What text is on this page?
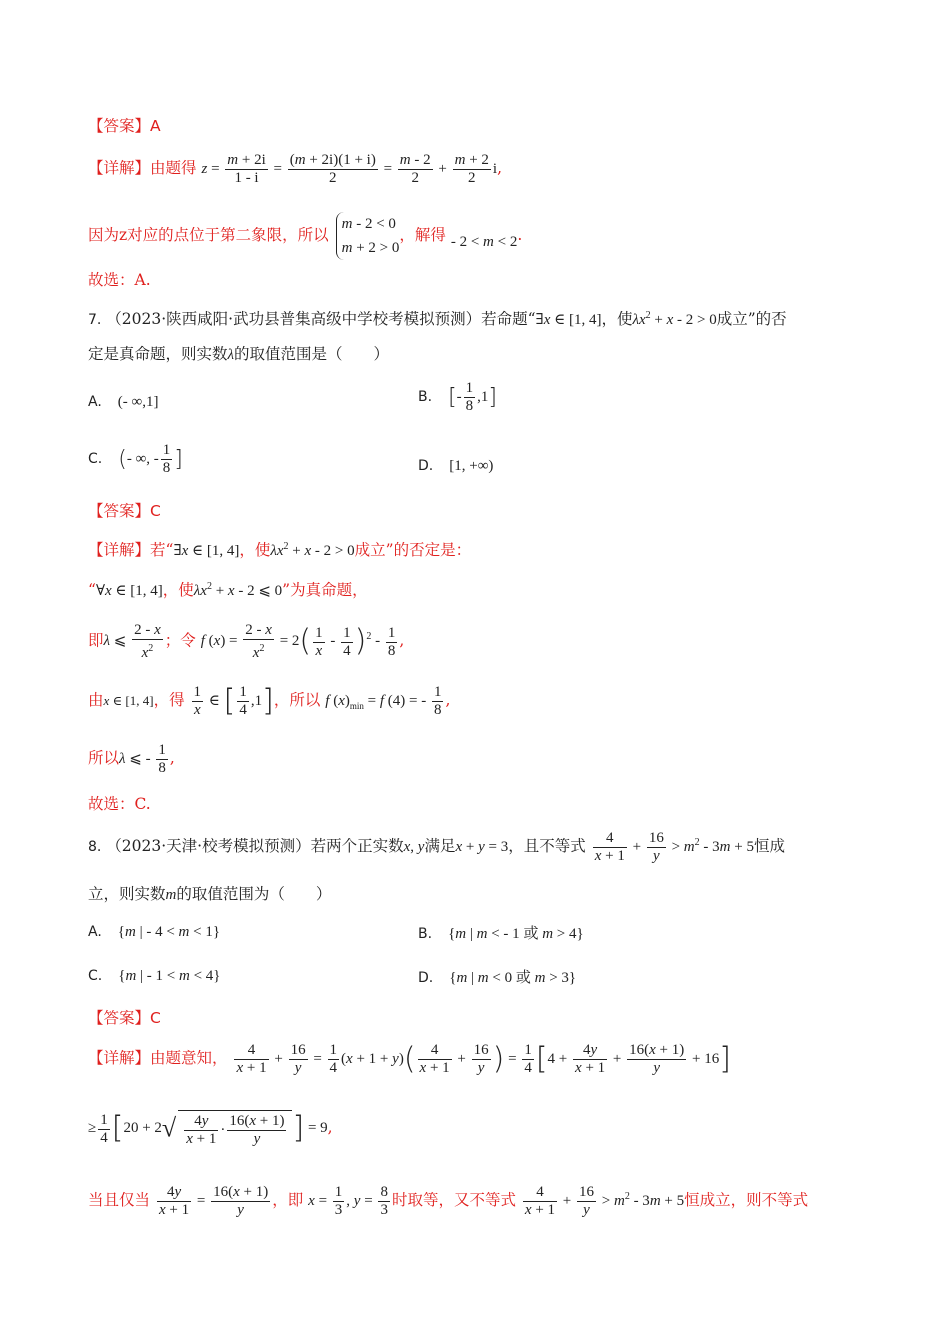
【答案】A
【详解】由题得 $z = \frac{m + 2i}{1 - i} = \frac{(m + 2i)(1 + i)}{2} = \frac{m - 2}{2} + \frac{m + 2}{2} i$,
因为z对应的点位于第二象限，所以
m - 2 < 0
m + 2 > 0
，解得 - 2 < m < 2.
故选：A.
7. （2023·陕西咸阳·武功县普集高级中学校考模拟预测）若命题“∃x ∈ [1, 4]，使$\lambda x^2 + x - 2 > 0$成立”的否
定是真命题，则实数λ的取值范围是（　　）
A. (- ∞,1]	B. [- $\frac{1}{8} ,1$]
C. (- ∞, - $\frac{1}{8}$ ]	D. [1, +∞)
【答案】C
【详解】若“∃x ∈ [1, 4]，使$\lambda x^2 + x - 2 > 0$成立”的否定是：
“∀x ∈ [1, 4]，使$\lambda x^2 + x - 2$ ⩽ 0”为真命题，
即λ ⩽ $\frac{2 - x}{x^2}$ ；令 f $(x) = \frac{2 - x}{x^2} = 2( \frac{1}{x} - \frac{1}{4} )^2 - \frac{1}{8}$ ,
由x ∈ [1, 4]，得 $\frac{1}{x}$ ∈ [ $\frac{1}{4} ,1$]，所以 f $(x)_{min} = f$ (4) = - $\frac{1}{8}$ ,
所以λ ⩽ - $\frac{1}{8}$ ,
故选：C.
8. （2023·天津·校考模拟预测）若两个正实数x, y满足x + y = 3，且不等式 $\frac{4}{x + 1} + \frac{16}{y} > m^2 - 3m + 5$恒成
立，则实数m的取值范围为（　　）
A. {m | - 4 < m < 1}	B. {m | m < - 1 或 m > 4}
C. {m | - 1 < m < 4}	D. {m | m < 0 或 m > 3}
【答案】C
【详解】由题意知， $\frac{4}{x + 1} + \frac{16}{y} = \frac{1}{4} (x + 1 + y)( \frac{4}{x + 1} + \frac{16}{y}$ ) = $\frac{1}{4} [4 + \frac{4y}{x + 1} + \frac{16(x + 1)}{y} + 16]$
≥ $\frac{1}{4} [20 + 2√ \frac{4y}{x + 1} \cdot \frac{16(x + 1)}{y}$ ] = 9,
当且仅当 $\frac{4y}{x + 1} = \frac{16(x + 1)}{y}$ ，即 $x = \frac{1}{3}$ , $y = \frac{8}{3}$ 时取等，又不等式 $\frac{4}{x + 1} + \frac{16}{y} > m^2 - 3m + 5$恒成立，则不等式
